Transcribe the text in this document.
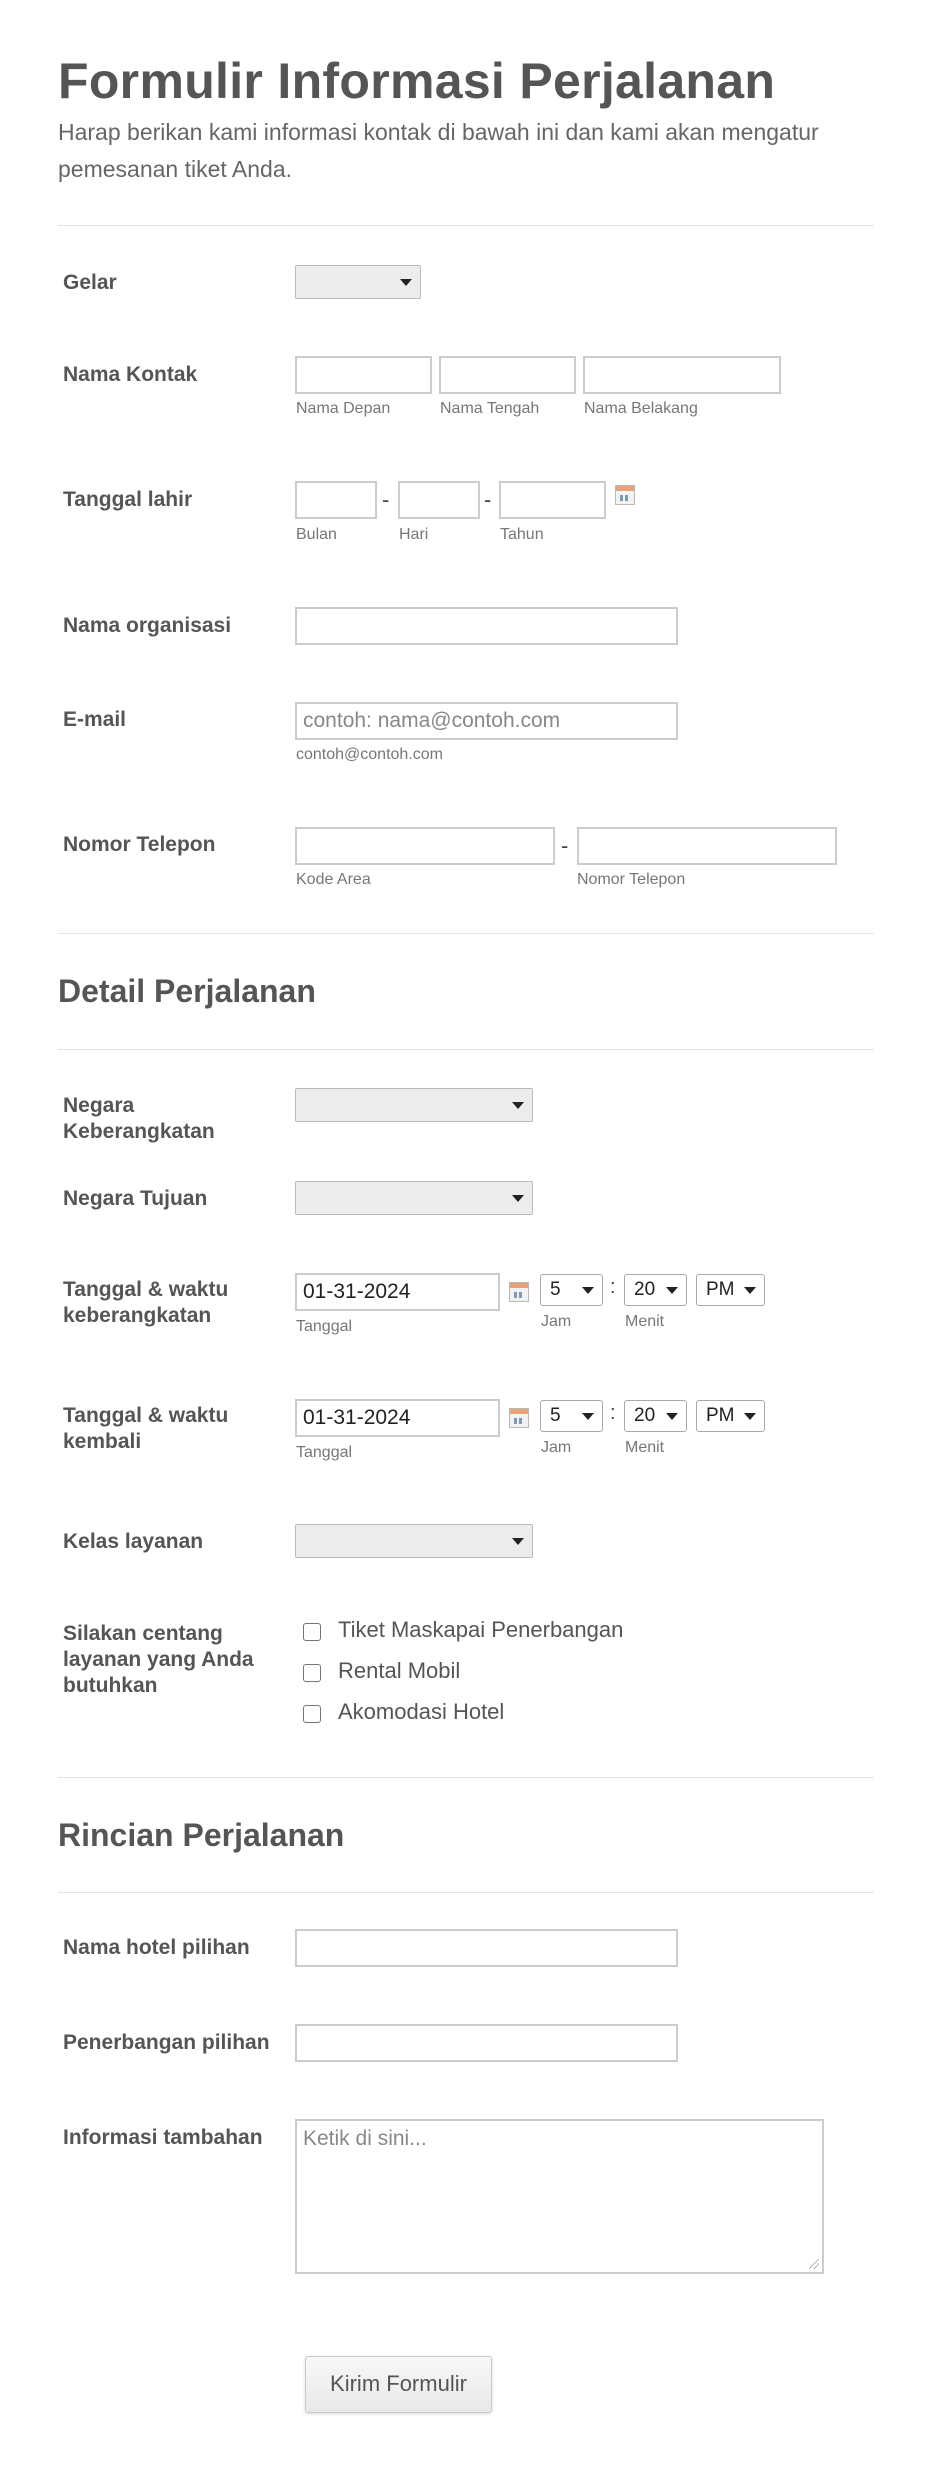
Formulir Informasi Perjalanan
Harap berikan kami informasi kontak di bawah ini dan kami akan mengatur pemesanan tiket Anda.
Gelar
Nama Kontak
Nama Depan	Nama Tengah	Nama Belakang
Tanggal lahir	-	-
Bulan	Hari	Tahun
Nama organisasi
E-mail	contoh: nama@contoh.com
contoh@contoh.com
Nomor Telepon	-
Kode Area	Nomor Telepon
Detail Perjalanan
Negara Keberangkatan
Negara Tujuan
Tanggal & waktu keberangkatan
01-31-2024	5	: 20	PM
Tanggal	Jam	Menit
Tanggal & waktu kembali
01-31-2024	5	: 20	PM
Tanggal	Jam	Menit
Kelas layanan
Silakan centang layanan yang Anda butuhkan
Tiket Maskapai Penerbangan
Rental Mobil
Akomodasi Hotel
Rincian Perjalanan
Nama hotel pilihan
Penerbangan pilihan
Informasi tambahan	Ketik di sini...
Kirim Formulir
